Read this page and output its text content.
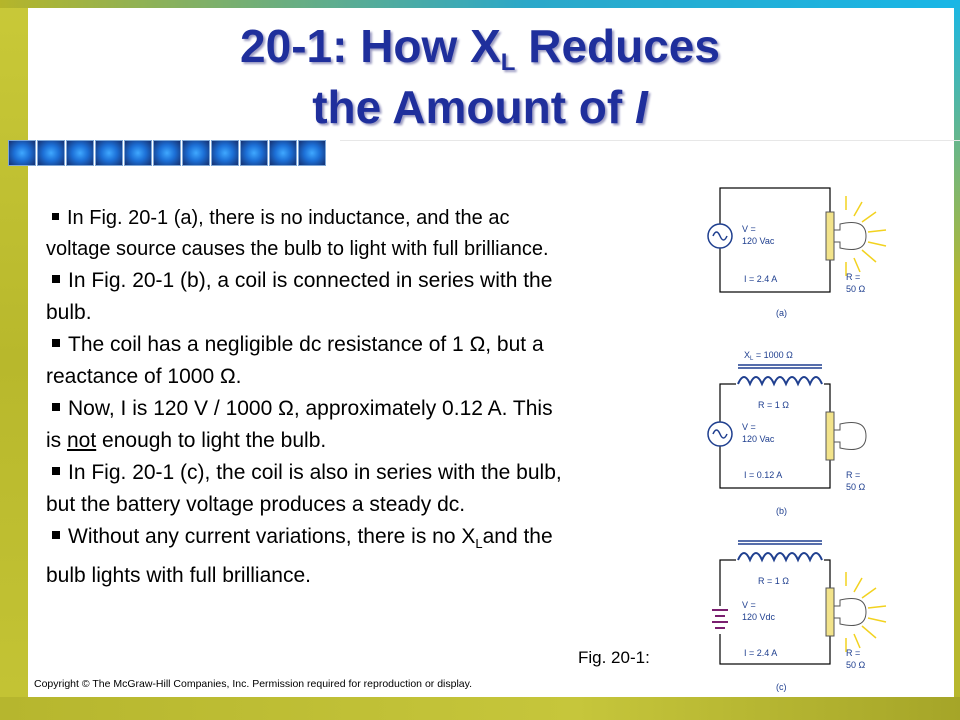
20-1: How $X_L$ Reduces
the Amount of I
In Fig. 20-1 (a), there is no inductance, and the ac voltage source causes the bulb to light with full brilliance.
In Fig. 20-1 (b), a coil is connected in series with the bulb.
The coil has a negligible dc resistance of 1 Ω, but a reactance of 1000 Ω.
Now, I is 120 V / 1000 Ω, approximately 0.12 A. This is not enough to light the bulb.
In Fig. 20-1 (c), the coil is also in series with the bulb, but the battery voltage produces a steady dc.
Without any current variations, there is no $X_Land$ the bulb lights with full brilliance.
Fig. 20-1:
Copyright © The McGraw-Hill Companies, Inc. Permission required for reproduction or display.
V =
120 Vac
I = 2.4 A	R =
50 Ω
(a)
$X_L = 1000$ Ω
R = 1 Ω
V =
120 Vac
I = 0.12 A	R =
50 Ω
(b)
R = 1 Ω
V =
120 Vdc
I = 2.4 A	R =
50 Ω
(c)
